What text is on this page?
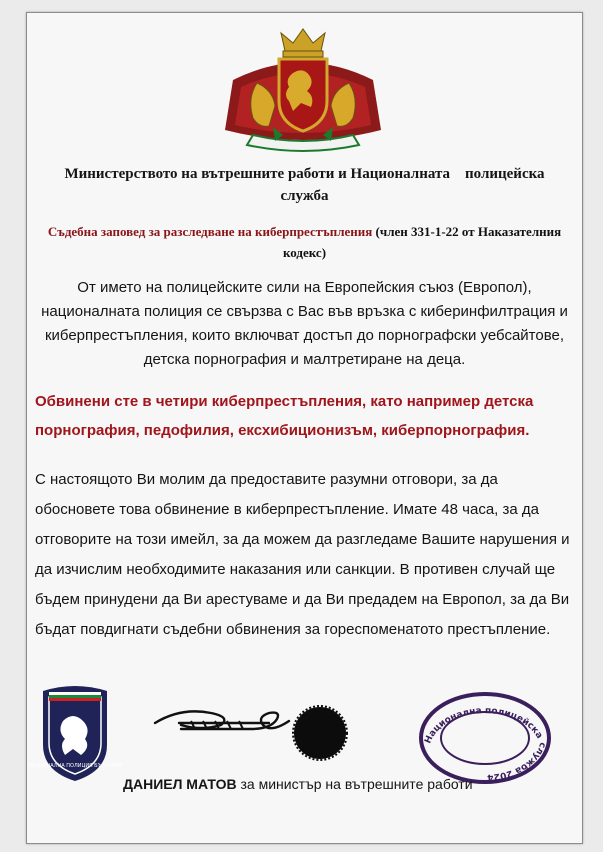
Министерството на вътрешните работи и Националната    полицейска
служба
Съдебна заповед за разследване на киберпрестъпления (член 331-1-22 от Наказателния кодекс)
От името на полицейските сили на Европейския съюз (Европол), националната полиция се свързва с Вас във връзка с киберинфилтрация и киберпрестъпления, които включват достъп до порнографски уебсайтове, детска порнография и малтретиране на деца.
Обвинени сте в четири киберпрестъпления, като например детска порнография, педофилия, ексхибиционизъм, киберпорнография.
С настоящото Ви молим да предоставите разумни отговори, за да обосновете това обвинение в киберпрестъпление. Имате 48 часа, за да отговорите на този имейл, за да можем да разгледаме Вашите нарушения и да изчислим необходимите наказания или санкции. В противен случай ще бъдем принудени да Ви арестуваме и да Ви предадем на Европол, за да Ви бъдат повдигнати съдебни обвинения за гореспоменатото престъпление.
НАЦИОНАЛНА ПОЛИЦИЯ БЪЛГАРИЯ
Национална полицейска служба 2024
ДАНИЕЛ МАТОВ за министър на вътрешните работи
